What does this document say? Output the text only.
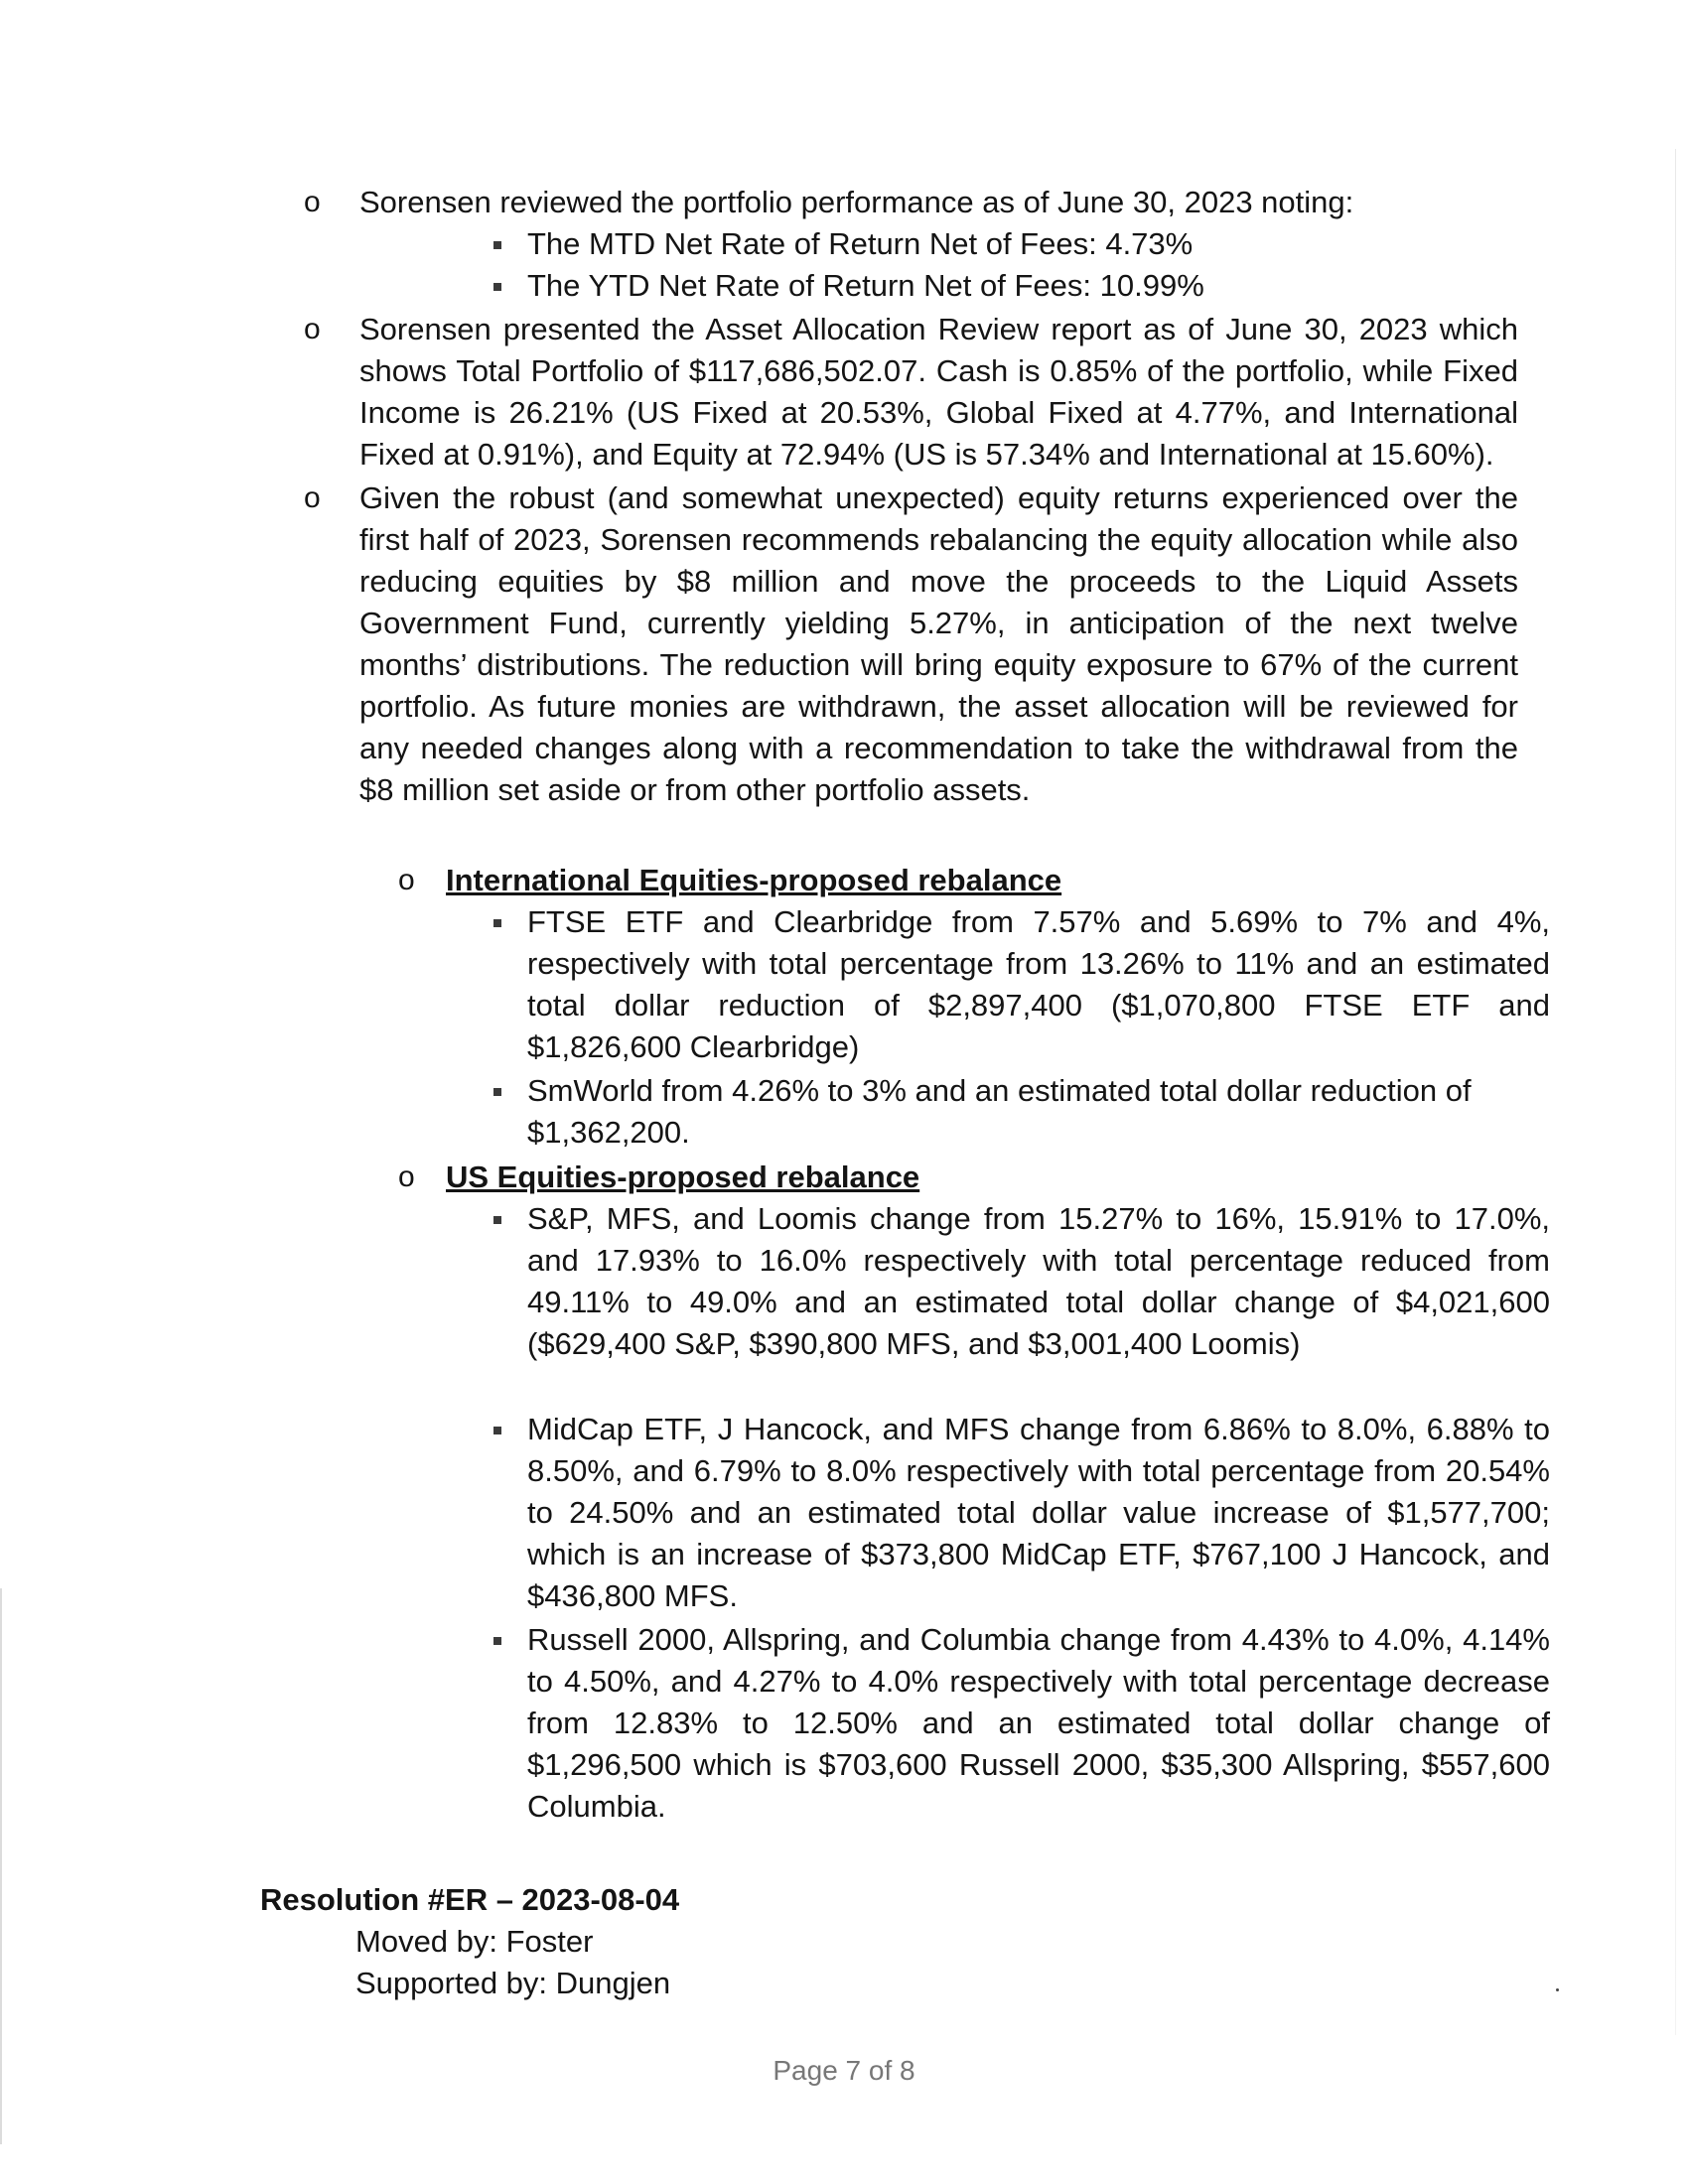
o	Sorensen reviewed the portfolio performance as of June 30, 2023 noting:
The MTD Net Rate of Return Net of Fees: 4.73%
The YTD Net Rate of Return Net of Fees: 10.99%
o	Sorensen presented the Asset Allocation Review report as of June 30, 2023 which shows Total Portfolio of $117,686,502.07. Cash is 0.85% of the portfolio, while Fixed Income is 26.21% (US Fixed at 20.53%, Global Fixed at 4.77%, and International Fixed at 0.91%), and Equity at 72.94% (US is 57.34% and International at 15.60%).
o	Given the robust (and somewhat unexpected) equity returns experienced over the first half of 2023, Sorensen recommends rebalancing the equity allocation while also reducing equities by $8 million and move the proceeds to the Liquid Assets Government Fund, currently yielding 5.27%, in anticipation of the next twelve months’ distributions. The reduction will bring equity exposure to 67% of the current portfolio. As future monies are withdrawn, the asset allocation will be reviewed for any needed changes along with a recommendation to take the withdrawal from the $8 million set aside or from other portfolio assets.
o	International Equities-proposed rebalance
FTSE ETF and Clearbridge from 7.57% and 5.69% to 7% and 4%, respectively with total percentage from 13.26% to 11% and an estimated total dollar reduction of $2,897,400 ($1,070,800 FTSE ETF and $1,826,600 Clearbridge)
SmWorld from 4.26% to 3% and an estimated total dollar reduction of $1,362,200.
o	US Equities-proposed rebalance
S&P, MFS, and Loomis change from 15.27% to 16%, 15.91% to 17.0%, and 17.93% to 16.0% respectively with total percentage reduced from 49.11% to 49.0% and an estimated total dollar change of $4,021,600 ($629,400 S&P, $390,800 MFS, and $3,001,400 Loomis)
MidCap ETF, J Hancock, and MFS change from 6.86% to 8.0%, 6.88% to 8.50%, and 6.79% to 8.0% respectively with total percentage from 20.54% to 24.50% and an estimated total dollar value increase of $1,577,700; which is an increase of $373,800 MidCap ETF, $767,100 J Hancock, and $436,800 MFS.
Russell 2000, Allspring, and Columbia change from 4.43% to 4.0%, 4.14% to 4.50%, and 4.27% to 4.0% respectively with total percentage decrease from 12.83% to 12.50% and an estimated total dollar change of $1,296,500 which is $703,600 Russell 2000, $35,300 Allspring, $557,600 Columbia.
Resolution #ER – 2023-08-04
Moved by: Foster
Supported by: Dungjen
Page 7 of 8
